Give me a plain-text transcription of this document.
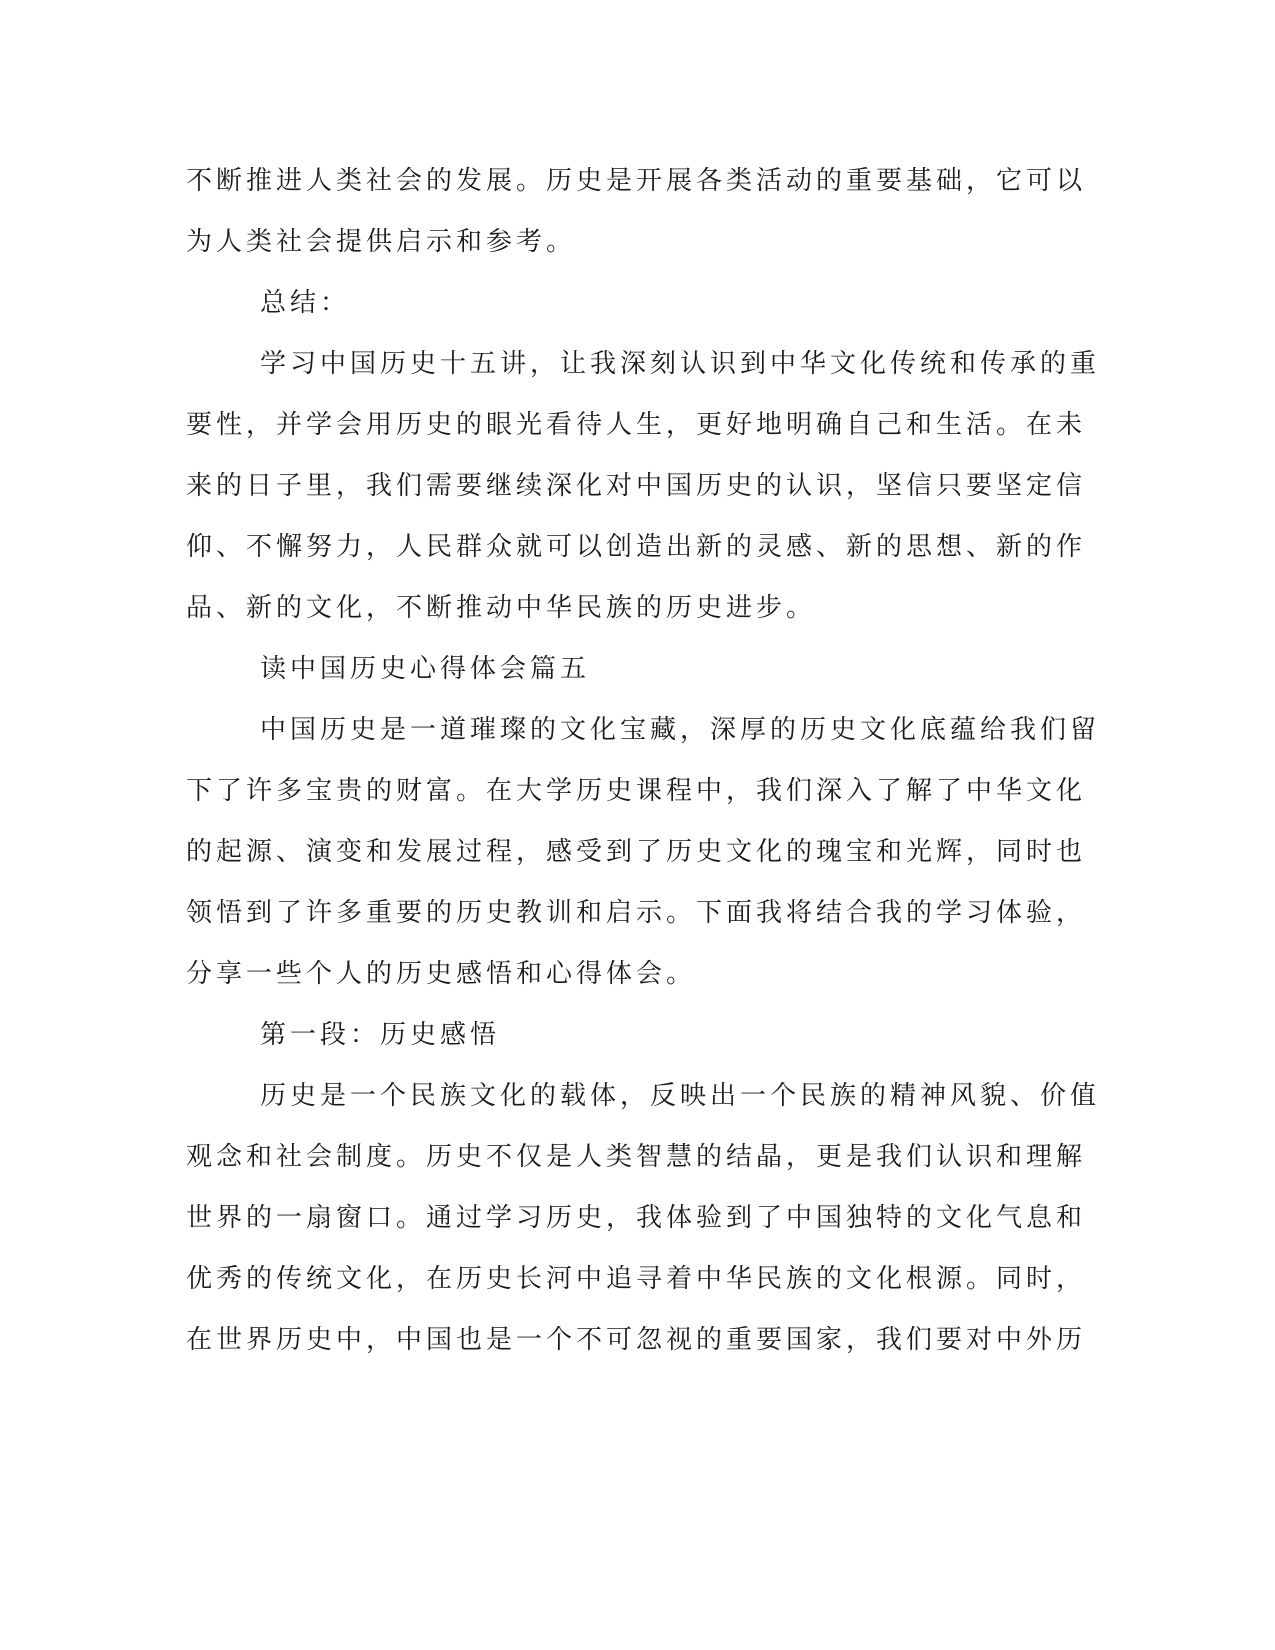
不断推进人类社会的发展。历史是开展各类活动的重要基础，它可以
为人类社会提供启示和参考。
总结：
学习中国历史十五讲，让我深刻认识到中华文化传统和传承的重
要性，并学会用历史的眼光看待人生，更好地明确自己和生活。在未
来的日子里，我们需要继续深化对中国历史的认识，坚信只要坚定信
仰、不懈努力，人民群众就可以创造出新的灵感、新的思想、新的作
品、新的文化，不断推动中华民族的历史进步。
读中国历史心得体会篇五
中国历史是一道璀璨的文化宝藏，深厚的历史文化底蕴给我们留
下了许多宝贵的财富。在大学历史课程中，我们深入了解了中华文化
的起源、演变和发展过程，感受到了历史文化的瑰宝和光辉，同时也
领悟到了许多重要的历史教训和启示。下面我将结合我的学习体验，
分享一些个人的历史感悟和心得体会。
第一段：历史感悟
历史是一个民族文化的载体，反映出一个民族的精神风貌、价值
观念和社会制度。历史不仅是人类智慧的结晶，更是我们认识和理解
世界的一扇窗口。通过学习历史，我体验到了中国独特的文化气息和
优秀的传统文化，在历史长河中追寻着中华民族的文化根源。同时，
在世界历史中，中国也是一个不可忽视的重要国家，我们要对中外历
